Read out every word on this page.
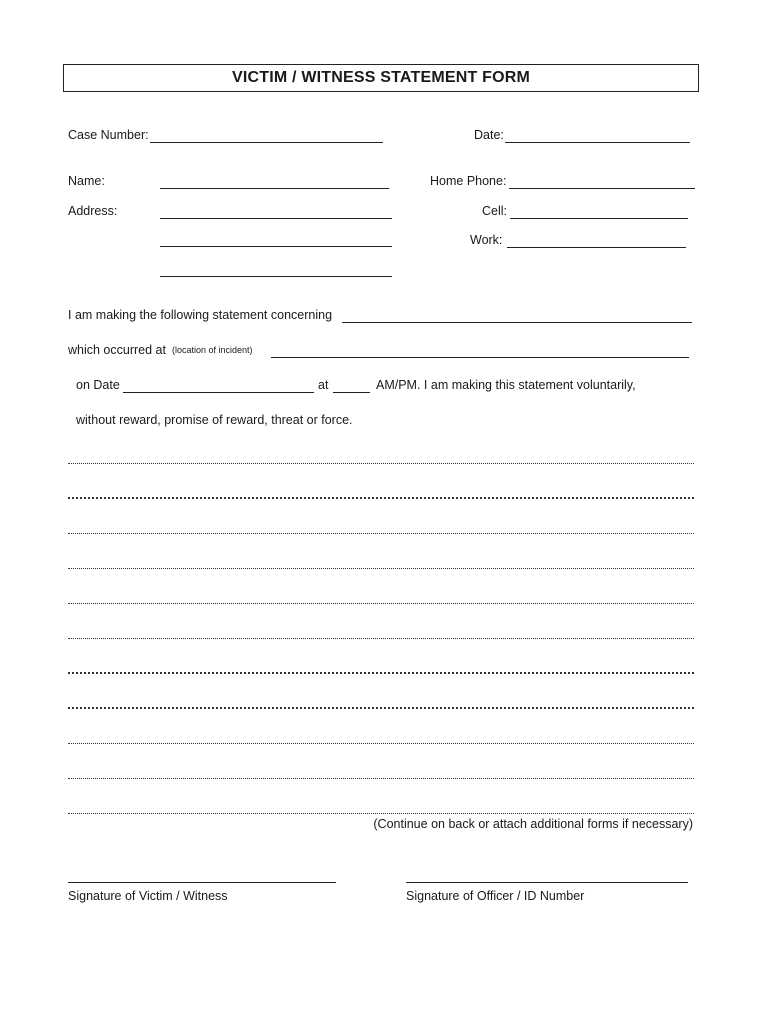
VICTIM / WITNESS STATEMENT FORM
Case Number:	Date:
Name:	Home Phone:
Address:	Cell:
Work:
I am making the following statement concerning
which occurred at (location of incident)
on Date	at	AM/PM. I am making this statement voluntarily,
without reward, promise of reward, threat or force.
(Continue on back or attach additional forms if necessary)
Signature of Victim / Witness	Signature of Officer / ID Number
